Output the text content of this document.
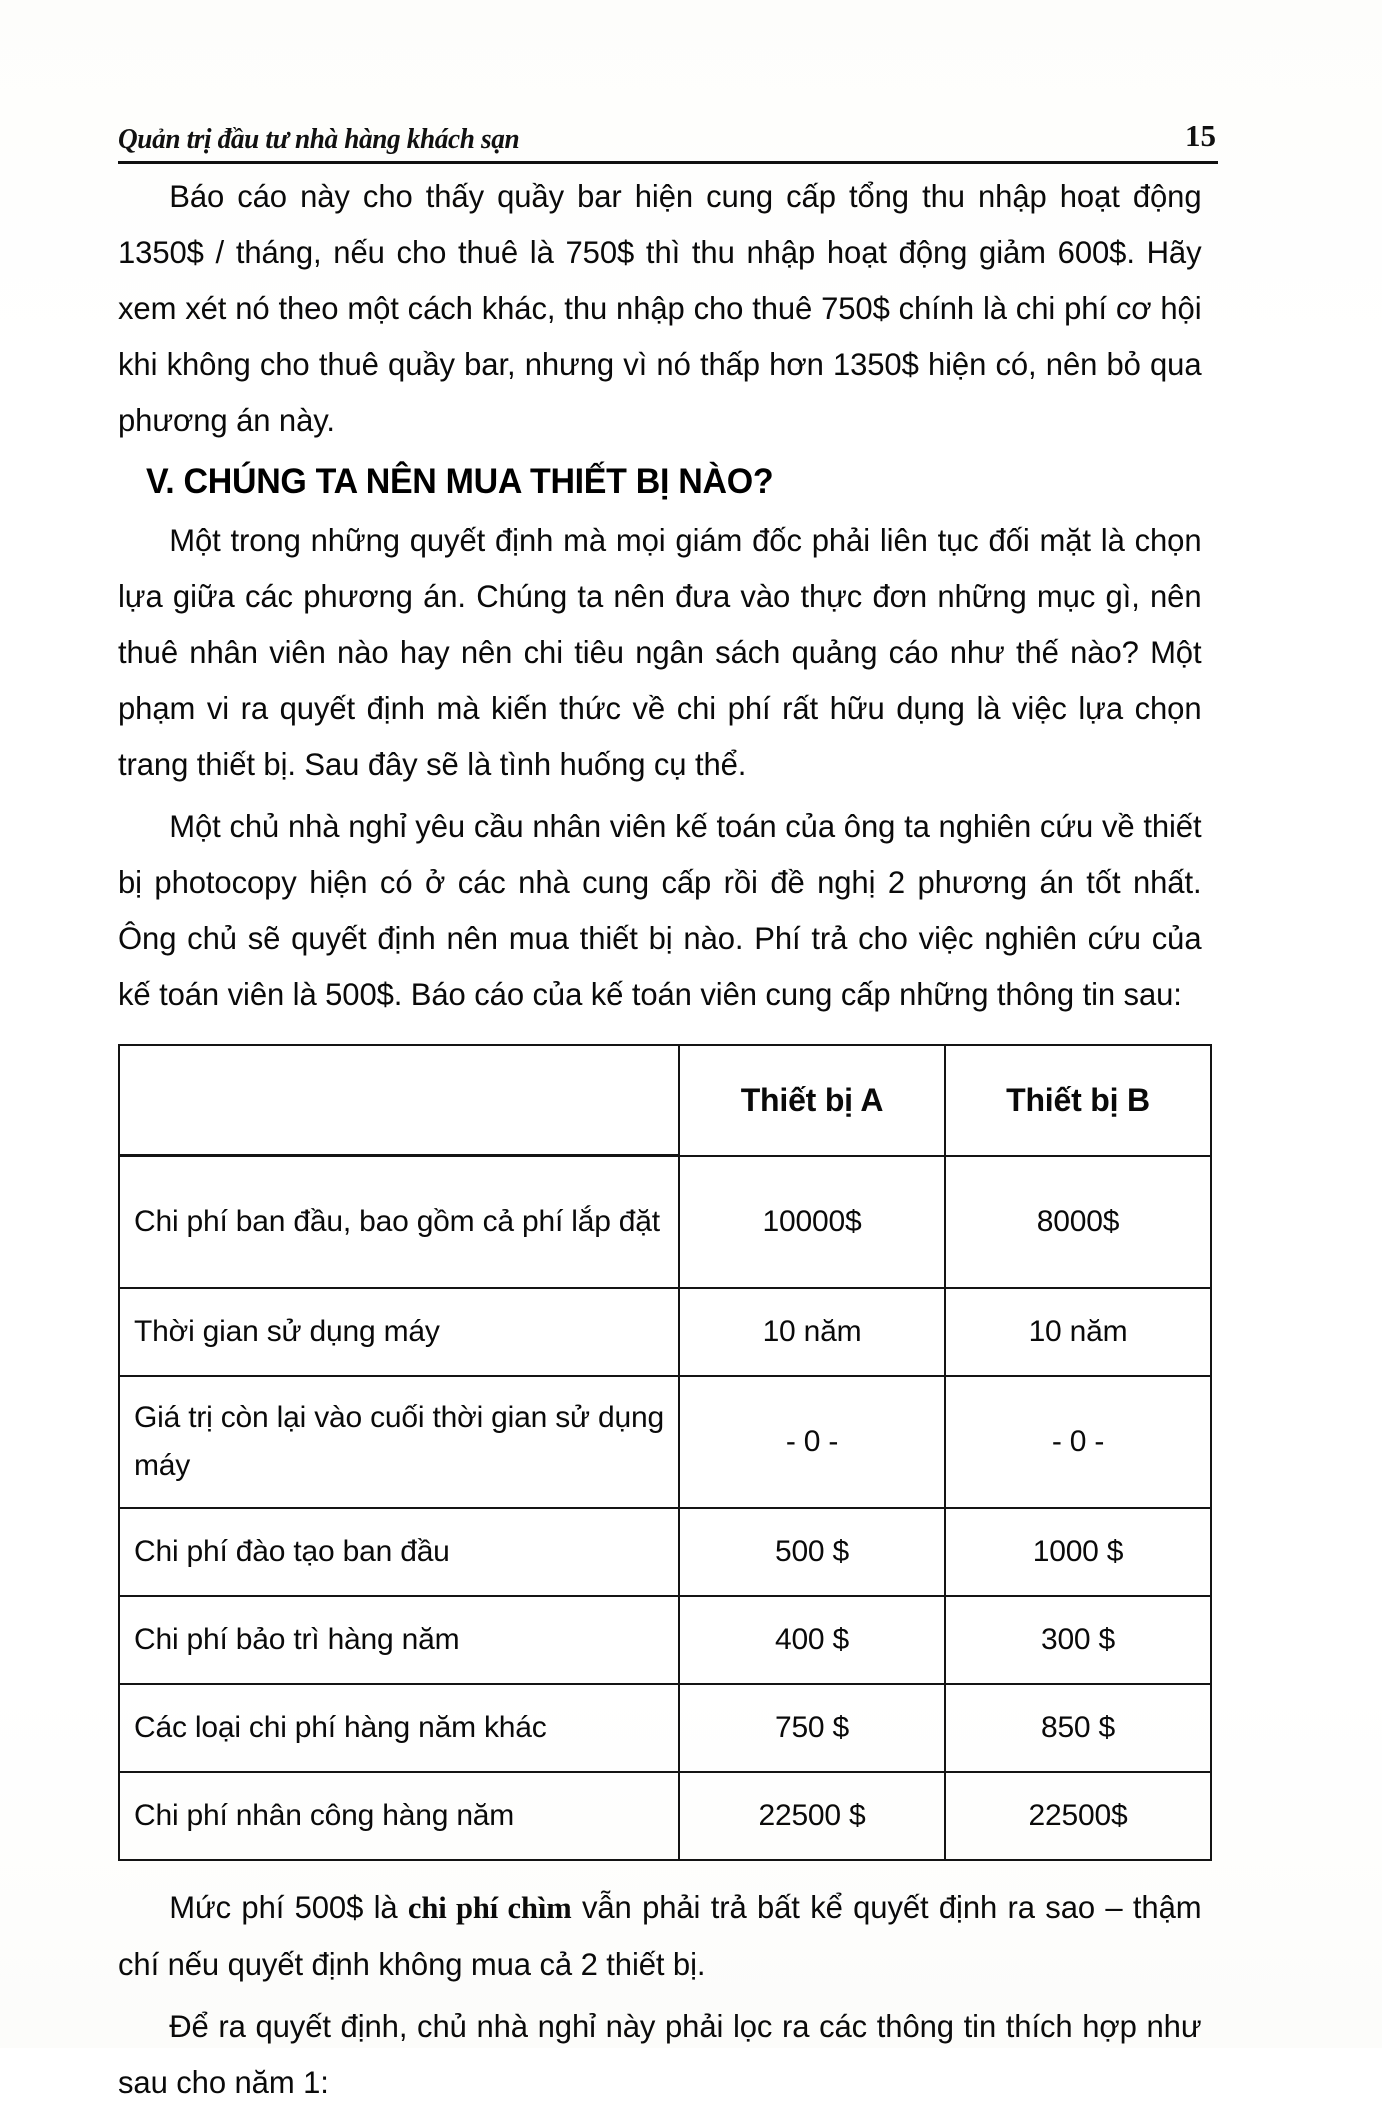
Quản trị đầu tư nhà hàng khách sạn	15

Báo cáo này cho thấy quầy bar hiện cung cấp tổng thu nhập hoạt động 1350$ / tháng, nếu cho thuê là 750$ thì thu nhập hoạt động giảm 600$. Hãy xem xét nó theo một cách khác, thu nhập cho thuê 750$ chính là chi phí cơ hội khi không cho thuê quầy bar, nhưng vì nó thấp hơn 1350$ hiện có, nên bỏ qua phương án này.

V. CHÚNG TA NÊN MUA THIẾT BỊ NÀO?

Một trong những quyết định mà mọi giám đốc phải liên tục đối mặt là chọn lựa giữa các phương án. Chúng ta nên đưa vào thực đơn những mục gì, nên thuê nhân viên nào hay nên chi tiêu ngân sách quảng cáo như thế nào? Một phạm vi ra quyết định mà kiến thức về chi phí rất hữu dụng là việc lựa chọn trang thiết bị. Sau đây sẽ là tình huống cụ thể.

Một chủ nhà nghỉ yêu cầu nhân viên kế toán của ông ta nghiên cứu về thiết bị photocopy hiện có ở các nhà cung cấp rồi đề nghị 2 phương án tốt nhất. Ông chủ sẽ quyết định nên mua thiết bị nào. Phí trả cho việc nghiên cứu của kế toán viên là 500$. Báo cáo của kế toán viên cung cấp những thông tin sau:

	Thiết bị A	Thiết bị B
Chi phí ban đầu, bao gồm cả phí lắp đặt	10000$	8000$
Thời gian sử dụng máy	10 năm	10 năm
Giá trị còn lại vào cuối thời gian sử dụng máy	- 0 -	- 0 -
Chi phí đào tạo ban đầu	500 $	1000 $
Chi phí bảo trì hàng năm	400 $	300 $
Các loại chi phí hàng năm khác	750 $	850 $
Chi phí nhân công hàng năm	22500 $	22500$

Mức phí 500$ là chi phí chìm vẫn phải trả bất kể quyết định ra sao – thậm chí nếu quyết định không mua cả 2 thiết bị.

Để ra quyết định, chủ nhà nghỉ này phải lọc ra các thông tin thích hợp như sau cho năm 1:
